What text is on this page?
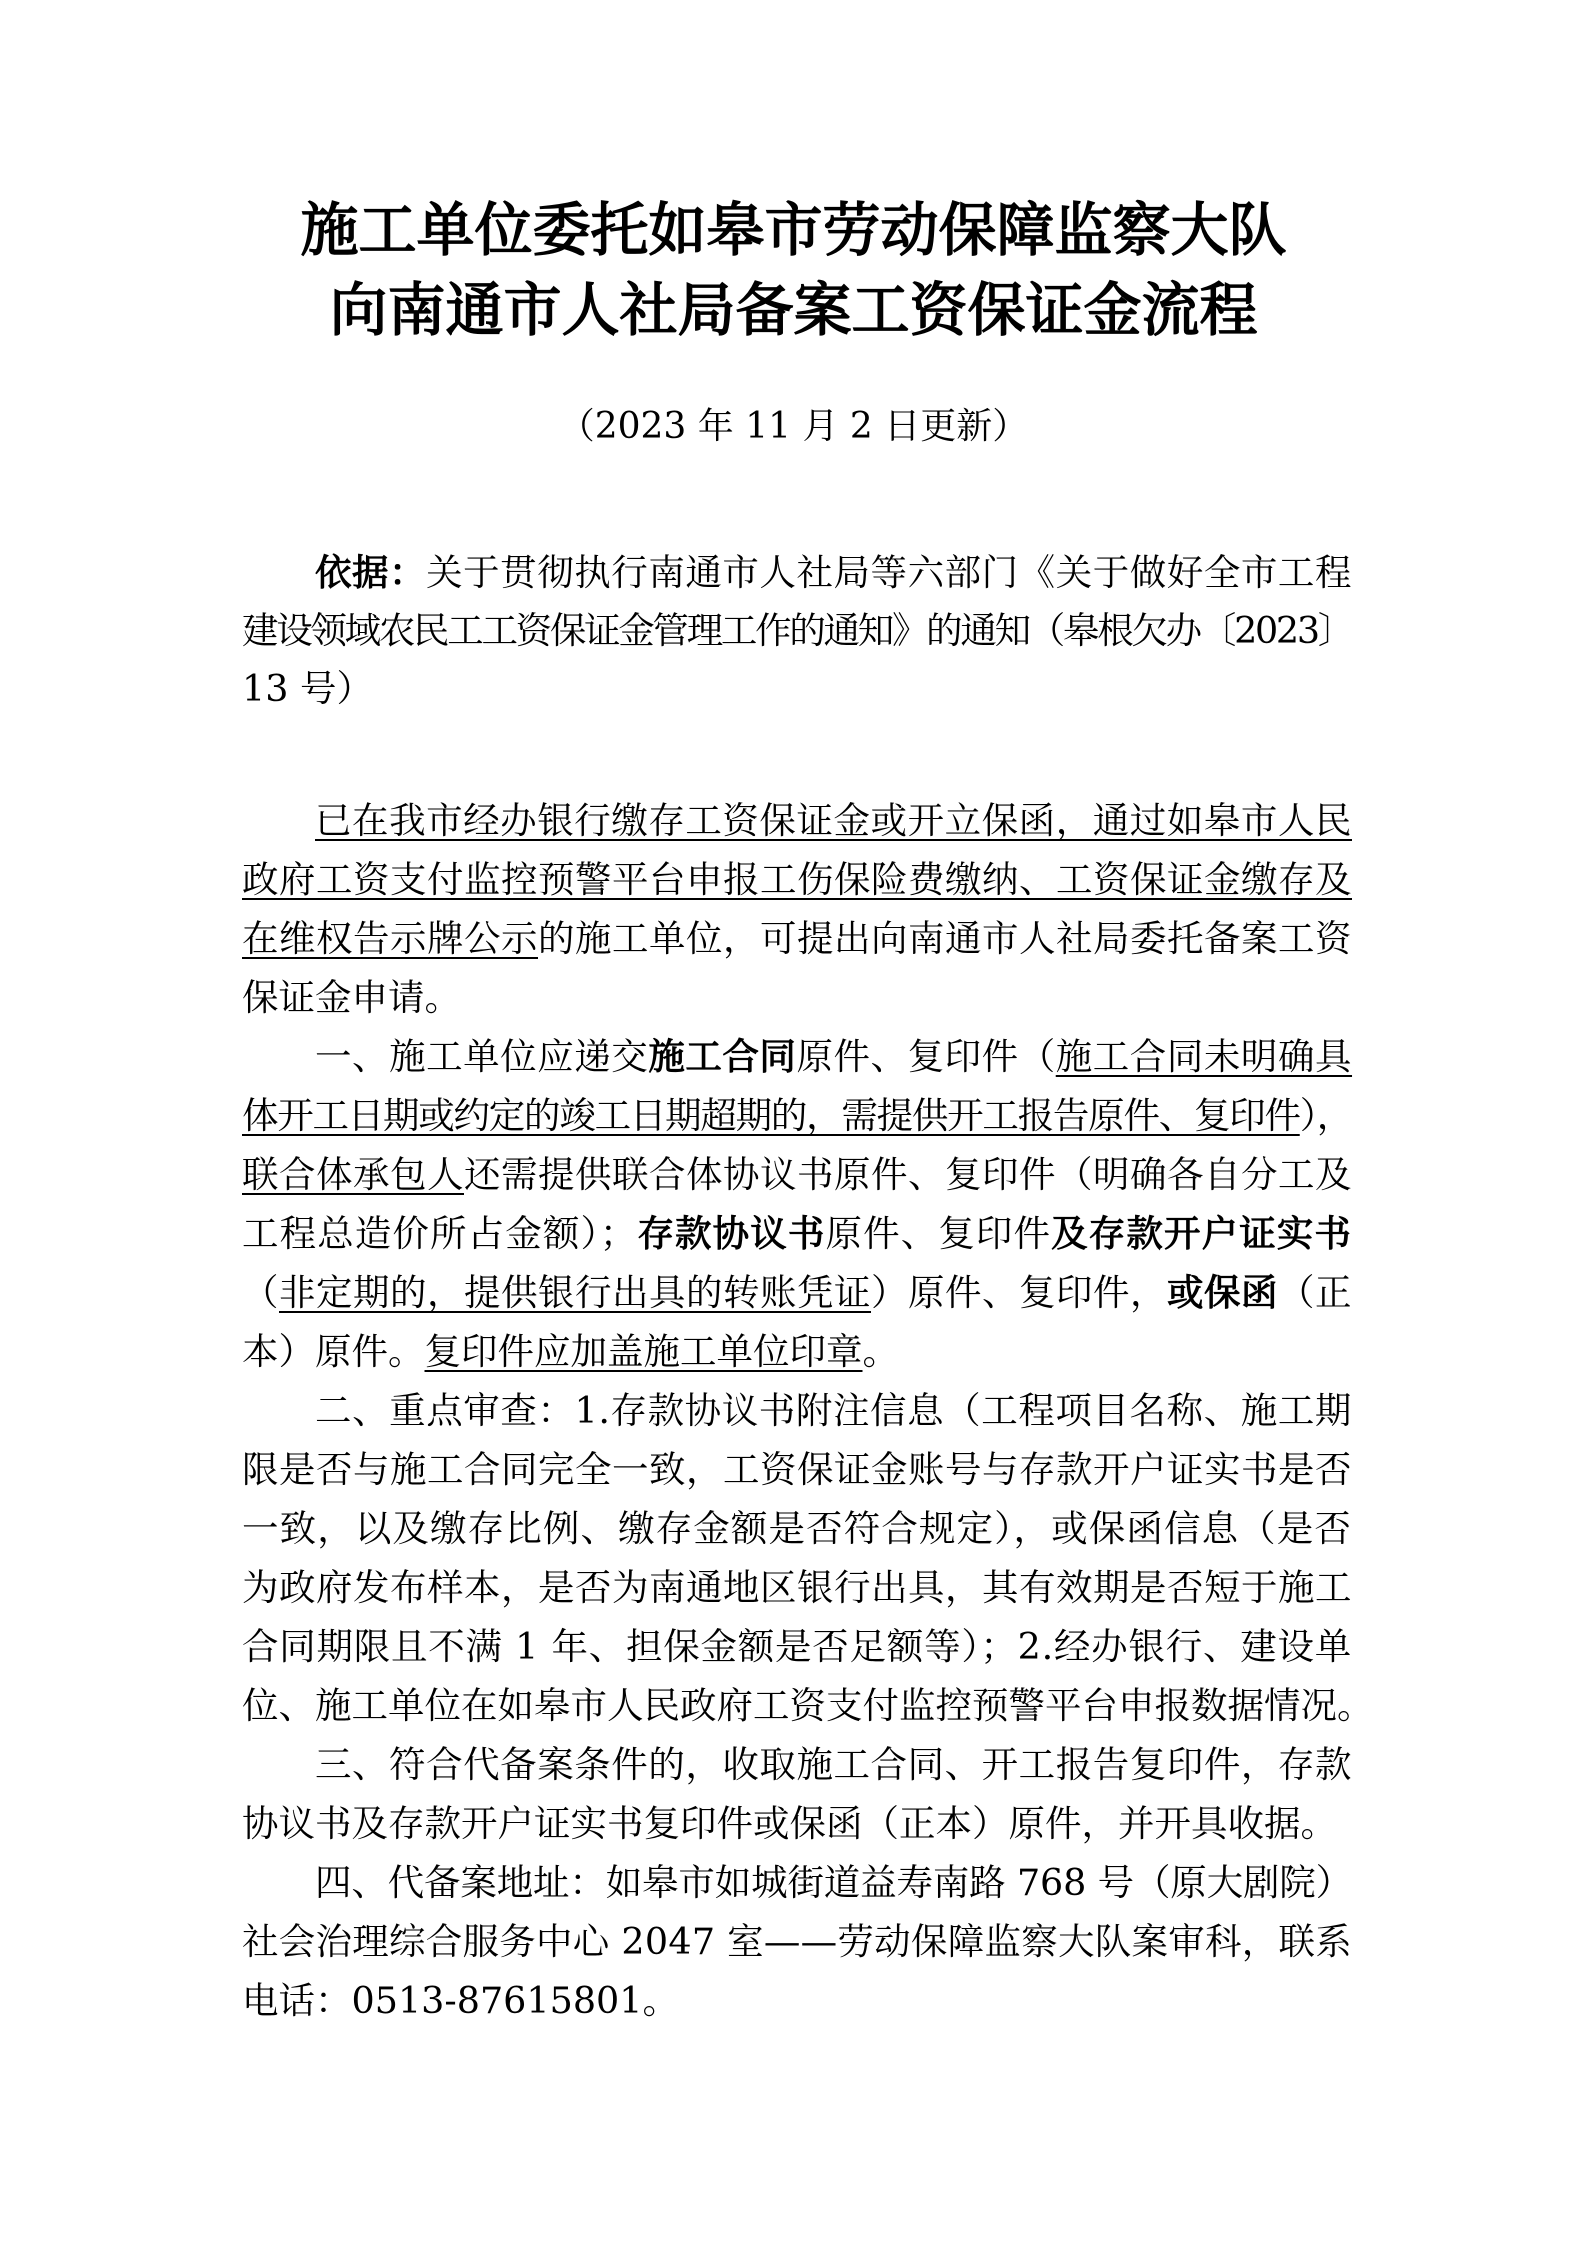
施工单位委托如皋市劳动保障监察大队
向南通市人社局备案工资保证金流程
（2023 年 11 月 2 日更新）
依据：关于贯彻执行南通市人社局等六部门《关于做好全市工程
建设领域农民工工资保证金管理工作的通知》的通知（皋根欠办〔2023〕
13 号）
已在我市经办银行缴存工资保证金或开立保函，通过如皋市人民
政府工资支付监控预警平台申报工伤保险费缴纳、工资保证金缴存及
在维权告示牌公示的施工单位，可提出向南通市人社局委托备案工资
保证金申请。
一、施工单位应递交施工合同原件、复印件（施工合同未明确具
体开工日期或约定的竣工日期超期的，需提供开工报告原件、复印件），
联合体承包人还需提供联合体协议书原件、复印件（明确各自分工及
工程总造价所占金额）；存款协议书原件、复印件及存款开户证实书
（非定期的，提供银行出具的转账凭证）原件、复印件，或保函（正
本）原件。复印件应加盖施工单位印章。
二、重点审查：1.存款协议书附注信息（工程项目名称、施工期
限是否与施工合同完全一致，工资保证金账号与存款开户证实书是否
一致，以及缴存比例、缴存金额是否符合规定），或保函信息（是否
为政府发布样本，是否为南通地区银行出具，其有效期是否短于施工
合同期限且不满 1 年、担保金额是否足额等）；2.经办银行、建设单
位、施工单位在如皋市人民政府工资支付监控预警平台申报数据情况。
三、符合代备案条件的，收取施工合同、开工报告复印件，存款
协议书及存款开户证实书复印件或保函（正本）原件，并开具收据。
四、代备案地址：如皋市如城街道益寿南路 768 号（原大剧院）
社会治理综合服务中心 2047 室——劳动保障监察大队案审科，联系
电话：0513-87615801。
